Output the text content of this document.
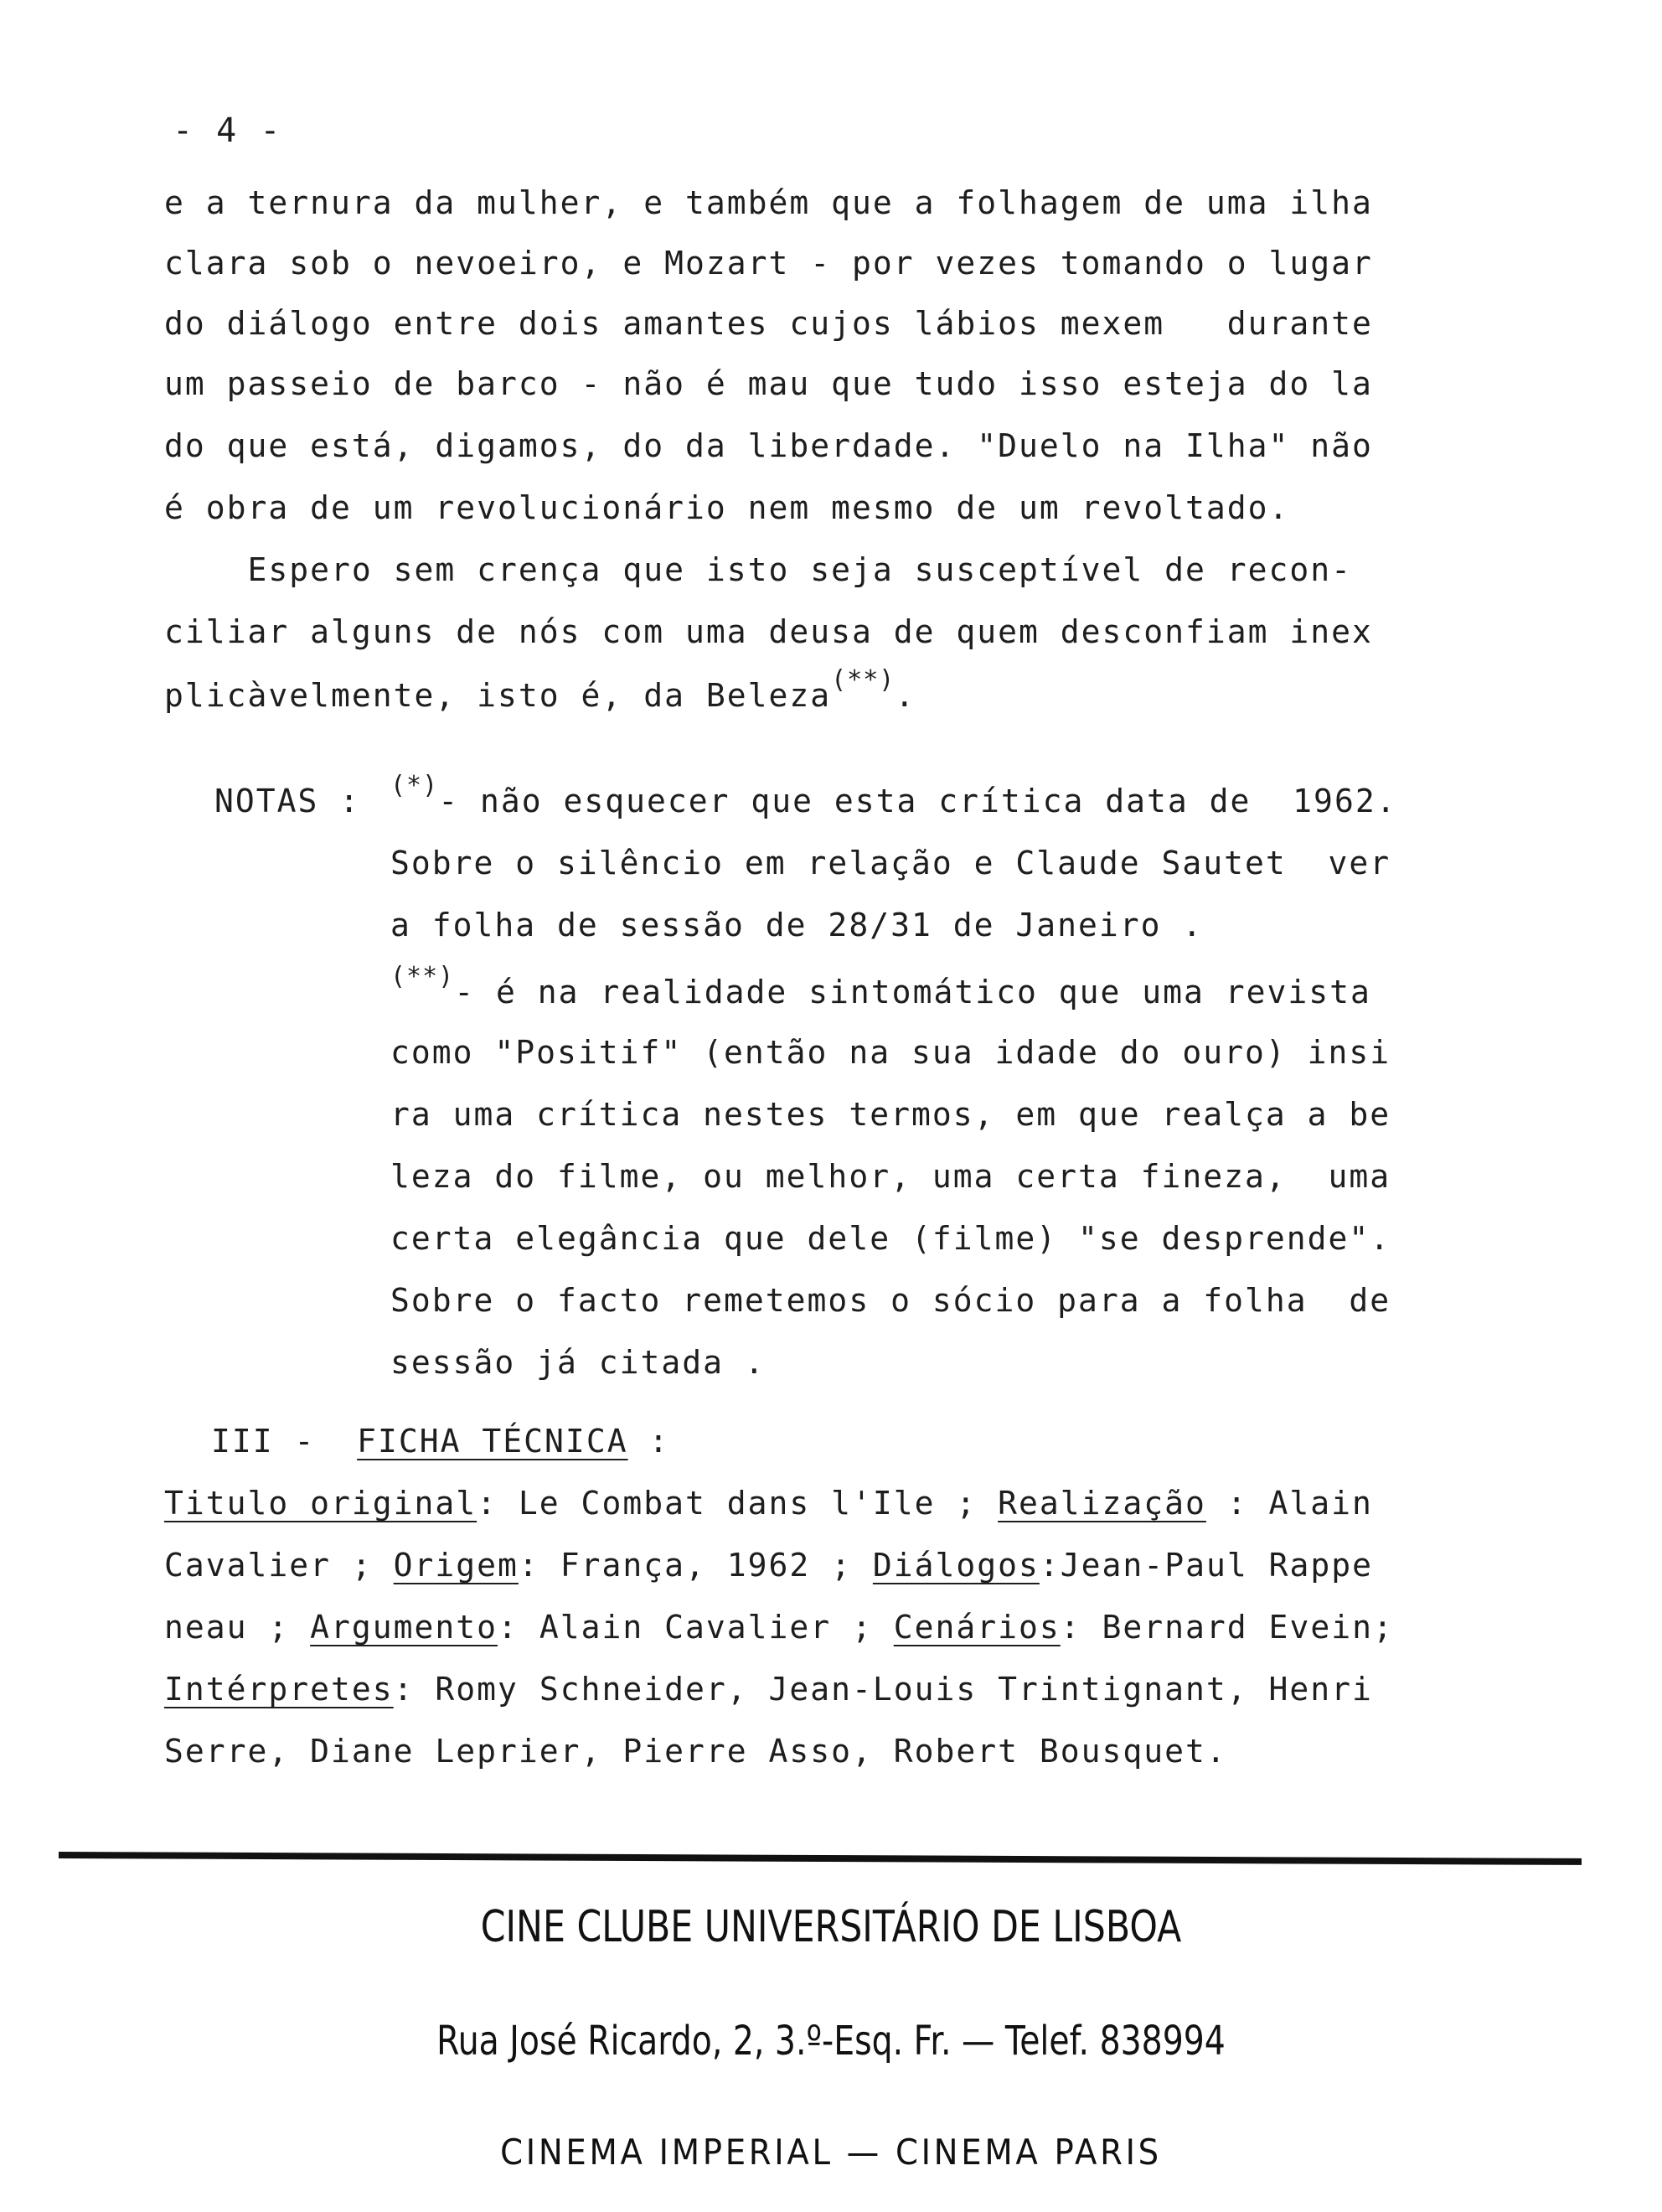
- 4 -
e a ternura da mulher, e também que a folhagem de uma ilha
clara sob o nevoeiro, e Mozart - por vezes tomando o lugar
do diálogo entre dois amantes cujos lábios mexem   durante
um passeio de barco - não é mau que tudo isso esteja do la
do que está, digamos, do da liberdade. "Duelo na Ilha" não
é obra de um revolucionário nem mesmo de um revoltado.
Espero sem crença que isto seja susceptível de recon-
ciliar alguns de nós com uma deusa de quem desconfiam inex
plicàvelmente, isto é, da Beleza(**).
NOTAS : (*)- não esquecer que esta crítica data de  1962.
Sobre o silêncio em relação e Claude Sautet  ver
a folha de sessão de 28/31 de Janeiro .
(**)- é na realidade sintomático que uma revista
como "Positif" (então na sua idade do ouro) insi
ra uma crítica nestes termos, em que realça a be
leza do filme, ou melhor, uma certa fineza,  uma
certa elegância que dele (filme) "se desprende".
Sobre o facto remetemos o sócio para a folha  de
sessão já citada .
III - FICHA TÉCNICA :
Titulo original: Le Combat dans l'Ile ; Realização : Alain
Cavalier ; Origem: França, 1962 ; Diálogos:Jean-Paul Rappe
neau ; Argumento: Alain Cavalier ; Cenários: Bernard Evein;
Intérpretes: Romy Schneider, Jean-Louis Trintignant, Henri
Serre, Diane Leprier, Pierre Asso, Robert Bousquet.
CINE CLUBE UNIVERSITÁRIO DE LISBOA
Rua José Ricardo, 2, 3.º-Esq. Fr. — Telef. 838994
CINEMA IMPERIAL — CINEMA PARIS
